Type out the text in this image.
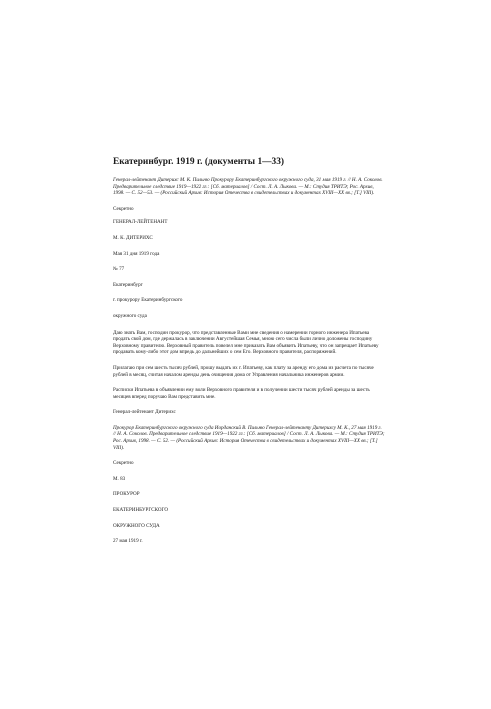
Екатеринбург. 1919 г. (документы 1—33)

Генерал-лейтенант Дитерихс М. К. Пильню Прокурору Екатеринбургского окружного суда, 31 мая 1919 г. // Н. А. Соколов. Предварительное следствие 1919—1922 гг.: [Сб. материалов] / Сост. Л. А. Лыкова. — М.: Студия ТРИТЭ; Рос. Архив, 1998. — С. 52—53. — (Российский Архив: История Отечества в свидетельствах и документах XVIII—XX вв.; [Т.] VIII).

Секретно

ГЕНЕРАЛ-ЛЕЙТЕНАНТ

М. К. ДИТЕРИХС

Мая 31 дня 1919 года

№ 77

Екатеринбург

г. прокурору Екатеринбургского

окружного суда

Даю знать Вам, господин прокурор, что представленные Вами мне сведения о намерении горного инженера Ипатьева продать свой дом, где держалась в заключении Августейшая Семья, мною сего числа были лично доложены господину Верховному правителю. Верховный правитель повелел мне приказать Вам объявить Ипатьеву, что он запрещает Ипатьеву продавать кому-либо этот дом впредь до дальнейших о сем Его. Верховного правителя, распоряжений.

Прилагаю при сем шесть тысяч рублей, прошу выдать их г. Ипатьеву, как плату за аренду его дома из расчета по тысяче рублей в месяц, считая началом аренды день очищения дома от Управления начальника инженеров армии.

Расписки Ипатьева в объявлении ему воли Верховного правителя и в получении шести тысяч рублей аренды за шесть месяцев вперед поручаю Вам представить мне.

Генерал-лейтенант Дитерихс

Прокурор Екатеринбургского окружного суда Иорданский В. Пильню Генерал-лейтенанту Дитерихсу М. К., 27 мая 1919 г. // Н. А. Соколов. Предварительное следствие 1919—1922 гг.: [Сб. материалов] / Сост. Л. А. Лыкова. — М.: Студия ТРИТЭ; Рос. Архив, 1998. — С. 52. — (Российский Архив: История Отечества в свидетельствах и документах XVIII—XX вв.; [Т.] VIII).

Секретно

М. 83

ПРОКУРОР

ЕКАТЕРИНБУРГСКОГО

ОКРУЖНОГО СУДА

27 мая 1919 г.
